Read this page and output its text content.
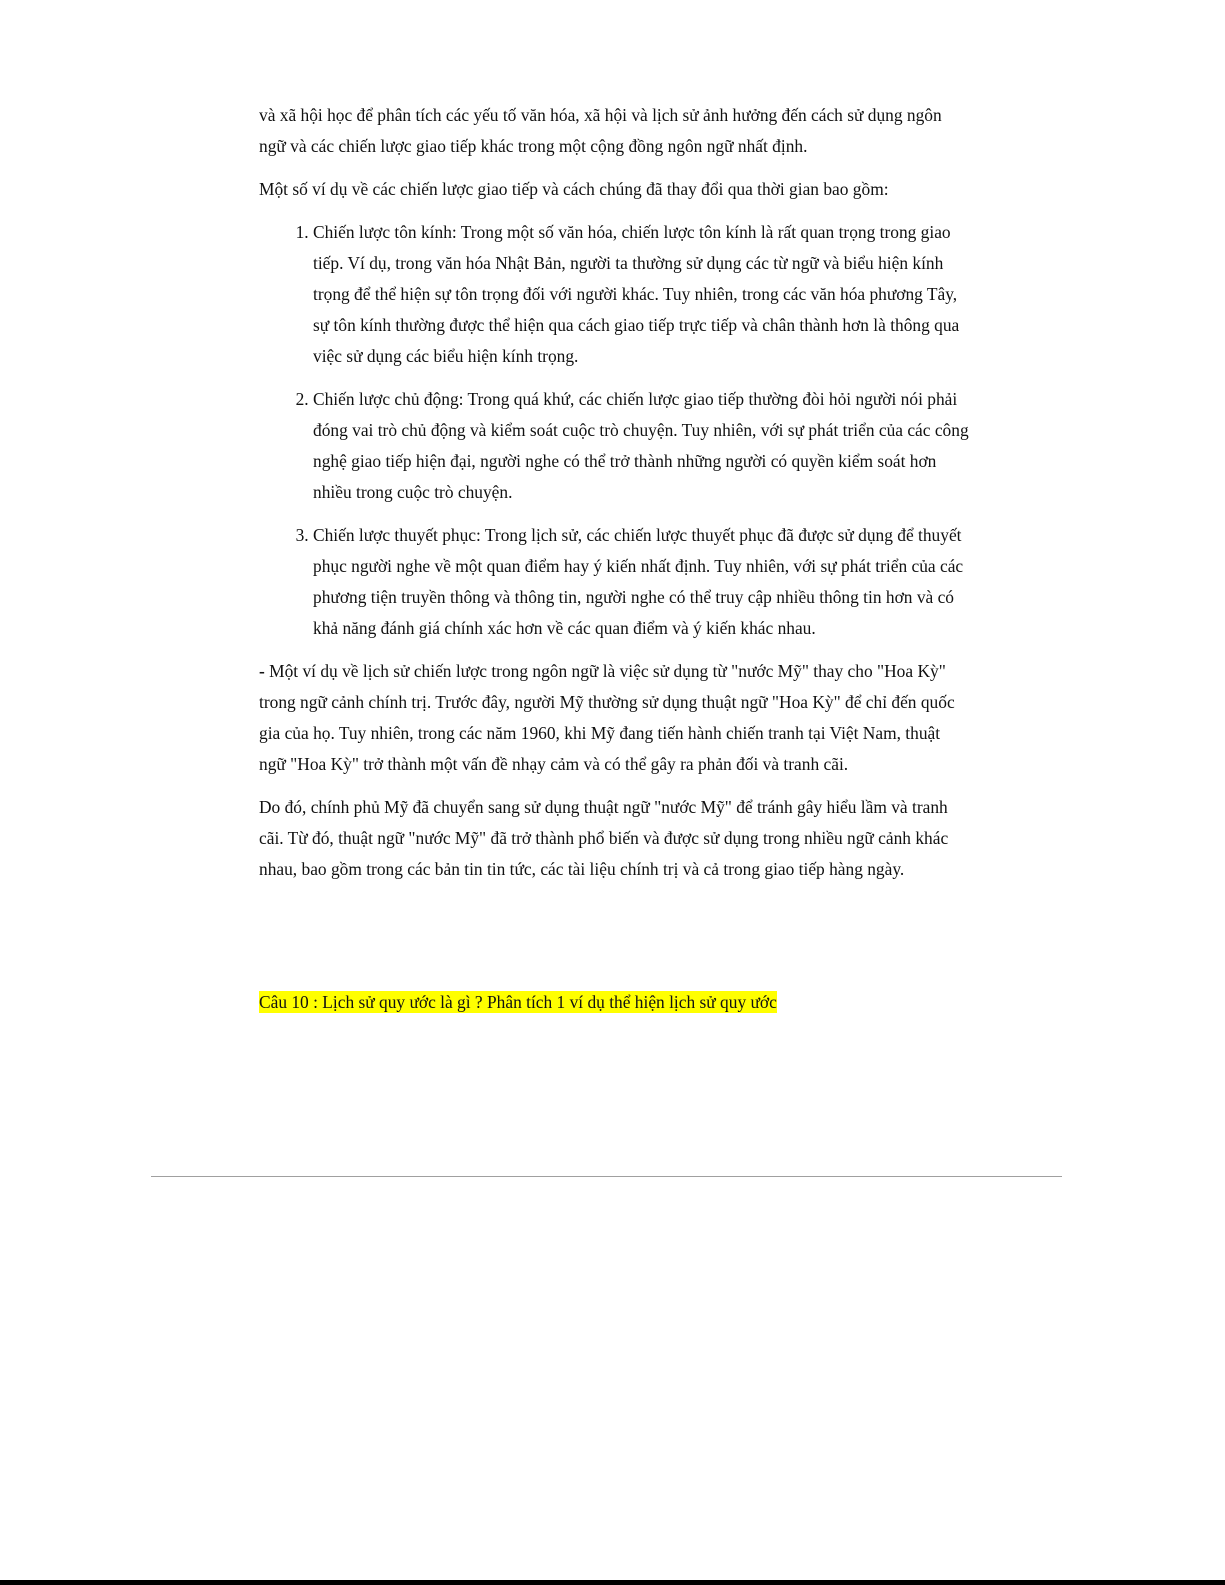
và xã hội học để phân tích các yếu tố văn hóa, xã hội và lịch sử ảnh hưởng đến cách sử dụng ngôn ngữ và các chiến lược giao tiếp khác trong một cộng đồng ngôn ngữ nhất định.

Một số ví dụ về các chiến lược giao tiếp và cách chúng đã thay đổi qua thời gian bao gồm:

1. Chiến lược tôn kính: Trong một số văn hóa, chiến lược tôn kính là rất quan trọng trong giao tiếp. Ví dụ, trong văn hóa Nhật Bản, người ta thường sử dụng các từ ngữ và biểu hiện kính trọng để thể hiện sự tôn trọng đối với người khác. Tuy nhiên, trong các văn hóa phương Tây, sự tôn kính thường được thể hiện qua cách giao tiếp trực tiếp và chân thành hơn là thông qua việc sử dụng các biểu hiện kính trọng.
2. Chiến lược chủ động: Trong quá khứ, các chiến lược giao tiếp thường đòi hỏi người nói phải đóng vai trò chủ động và kiểm soát cuộc trò chuyện. Tuy nhiên, với sự phát triển của các công nghệ giao tiếp hiện đại, người nghe có thể trở thành những người có quyền kiểm soát hơn nhiều trong cuộc trò chuyện.
3. Chiến lược thuyết phục: Trong lịch sử, các chiến lược thuyết phục đã được sử dụng để thuyết phục người nghe về một quan điểm hay ý kiến nhất định. Tuy nhiên, với sự phát triển của các phương tiện truyền thông và thông tin, người nghe có thể truy cập nhiều thông tin hơn và có khả năng đánh giá chính xác hơn về các quan điểm và ý kiến khác nhau.

- Một ví dụ về lịch sử chiến lược trong ngôn ngữ là việc sử dụng từ "nước Mỹ" thay cho "Hoa Kỳ" trong ngữ cảnh chính trị. Trước đây, người Mỹ thường sử dụng thuật ngữ "Hoa Kỳ" để chỉ đến quốc gia của họ. Tuy nhiên, trong các năm 1960, khi Mỹ đang tiến hành chiến tranh tại Việt Nam, thuật ngữ "Hoa Kỳ" trở thành một vấn đề nhạy cảm và có thể gây ra phản đối và tranh cãi.

Do đó, chính phủ Mỹ đã chuyển sang sử dụng thuật ngữ "nước Mỹ" để tránh gây hiểu lầm và tranh cãi. Từ đó, thuật ngữ "nước Mỹ" đã trở thành phổ biến và được sử dụng trong nhiều ngữ cảnh khác nhau, bao gồm trong các bản tin tin tức, các tài liệu chính trị và cả trong giao tiếp hàng ngày.

Câu 10 : Lịch sử quy ước là gì ? Phân tích 1 ví dụ thể hiện lịch sử quy ước
